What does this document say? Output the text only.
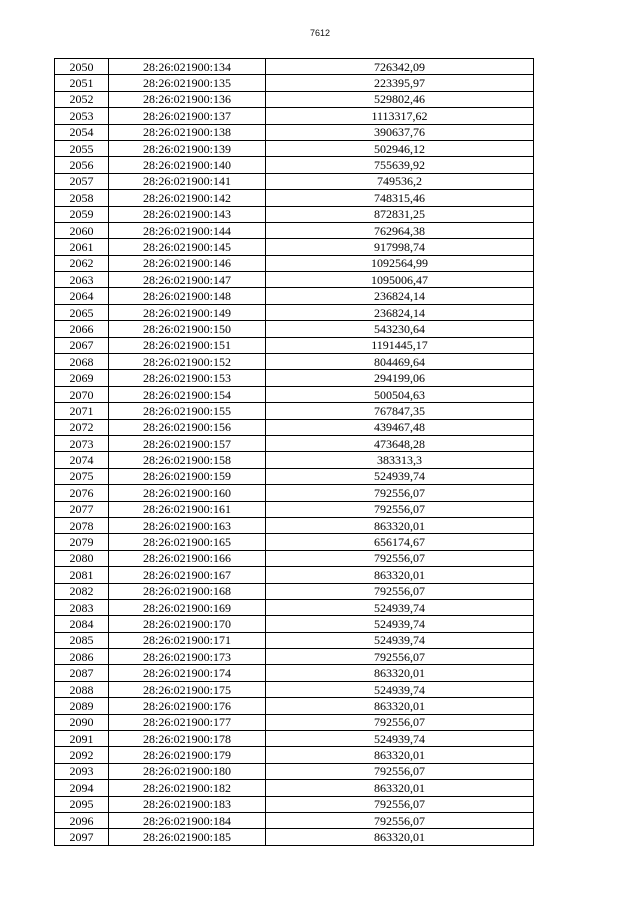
7612
2050	28:26:021900:134	726342,09
2051	28:26:021900:135	223395,97
2052	28:26:021900:136	529802,46
2053	28:26:021900:137	1113317,62
2054	28:26:021900:138	390637,76
2055	28:26:021900:139	502946,12
2056	28:26:021900:140	755639,92
2057	28:26:021900:141	749536,2
2058	28:26:021900:142	748315,46
2059	28:26:021900:143	872831,25
2060	28:26:021900:144	762964,38
2061	28:26:021900:145	917998,74
2062	28:26:021900:146	1092564,99
2063	28:26:021900:147	1095006,47
2064	28:26:021900:148	236824,14
2065	28:26:021900:149	236824,14
2066	28:26:021900:150	543230,64
2067	28:26:021900:151	1191445,17
2068	28:26:021900:152	804469,64
2069	28:26:021900:153	294199,06
2070	28:26:021900:154	500504,63
2071	28:26:021900:155	767847,35
2072	28:26:021900:156	439467,48
2073	28:26:021900:157	473648,28
2074	28:26:021900:158	383313,3
2075	28:26:021900:159	524939,74
2076	28:26:021900:160	792556,07
2077	28:26:021900:161	792556,07
2078	28:26:021900:163	863320,01
2079	28:26:021900:165	656174,67
2080	28:26:021900:166	792556,07
2081	28:26:021900:167	863320,01
2082	28:26:021900:168	792556,07
2083	28:26:021900:169	524939,74
2084	28:26:021900:170	524939,74
2085	28:26:021900:171	524939,74
2086	28:26:021900:173	792556,07
2087	28:26:021900:174	863320,01
2088	28:26:021900:175	524939,74
2089	28:26:021900:176	863320,01
2090	28:26:021900:177	792556,07
2091	28:26:021900:178	524939,74
2092	28:26:021900:179	863320,01
2093	28:26:021900:180	792556,07
2094	28:26:021900:182	863320,01
2095	28:26:021900:183	792556,07
2096	28:26:021900:184	792556,07
2097	28:26:021900:185	863320,01
